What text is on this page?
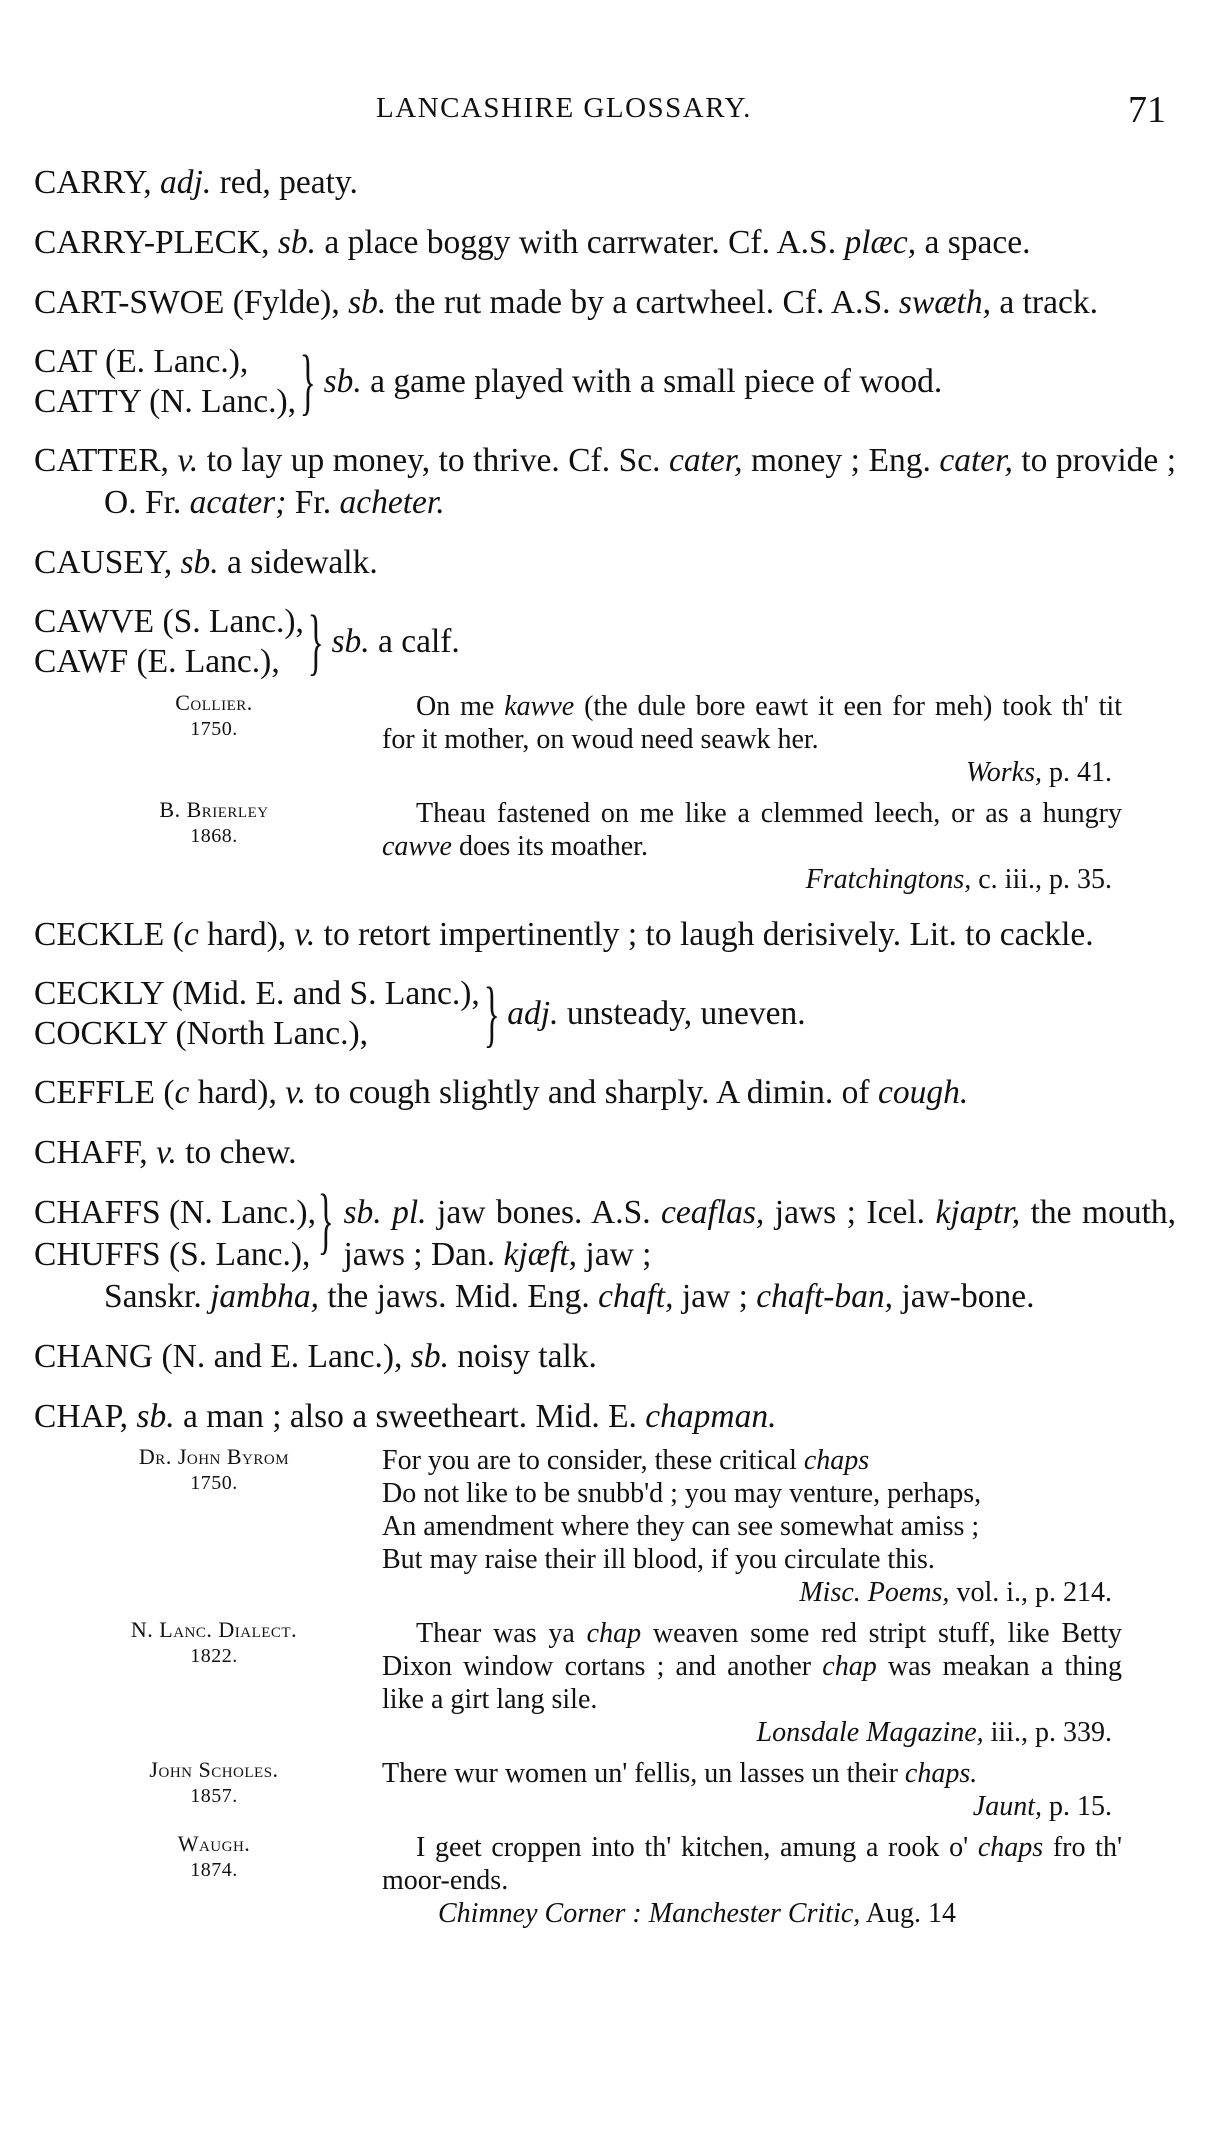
LANCASHIRE GLOSSARY.	71
CARRY, adj. red, peaty.
CARRY-PLECK, sb. a place boggy with carrwater. Cf. A.S. plæc, a space.
CART-SWOE (Fylde), sb. the rut made by a cartwheel. Cf. A.S. swæth, a track.
CAT (E. Lanc.),
CATTY (N. Lanc.), } sb. a game played with a small piece of wood.
CATTER, v. to lay up money, to thrive. Cf. Sc. cater, money ; Eng. cater, to provide ; O. Fr. acater; Fr. acheter.
CAUSEY, sb. a sidewalk.
CAWVE (S. Lanc.),
CAWF (E. Lanc.), } sb. a calf.
Collier.
1750.
On me kawve (the dule bore eawt it een for meh) took th' tit for it mother, on woud need seawk her.
Works, p. 41.
B. Brierley
1868.
Theau fastened on me like a clemmed leech, or as a hungry cawve does its moather.
Fratchingtons, c. iii., p. 35.
CECKLE (c hard), v. to retort impertinently ; to laugh derisively. Lit. to cackle.
CECKLY (Mid. E. and S. Lanc.),
COCKLY (North Lanc.),	} adj. unsteady, uneven.
CEFFLE (c hard), v. to cough slightly and sharply. A dimin. of cough.
CHAFF, v. to chew.
CHAFFS (N. Lanc.),
CHUFFS (S. Lanc.), } sb. pl. jaw bones. A.S. ceaflas, jaws ; Icel. kjaptr, the mouth, jaws ; Dan. kjæft, jaw ;
Sanskr. jambha, the jaws. Mid. Eng. chaft, jaw ; chaft-ban, jaw-bone.
CHANG (N. and E. Lanc.), sb. noisy talk.
CHAP, sb. a man ; also a sweetheart. Mid. E. chapman.
Dr. John Byrom
1750.
For you are to consider, these critical chaps
Do not like to be snubb'd ; you may venture, perhaps,
An amendment where they can see somewhat amiss ;
But may raise their ill blood, if you circulate this.
Misc. Poems, vol. i., p. 214.
N. Lanc. Dialect.
1822.
Thear was ya chap weaven some red stript stuff, like Betty Dixon window cortans ; and another chap was meakan a thing like a girt lang sile.
Lonsdale Magazine, iii., p. 339.
John Scholes.
1857.
There wur women un' fellis, un lasses un their chaps.
Jaunt, p. 15.
Waugh.
1874.
I geet croppen into th' kitchen, amung a rook o' chaps fro th' moor-ends.
Chimney Corner : Manchester Critic, Aug. 14
